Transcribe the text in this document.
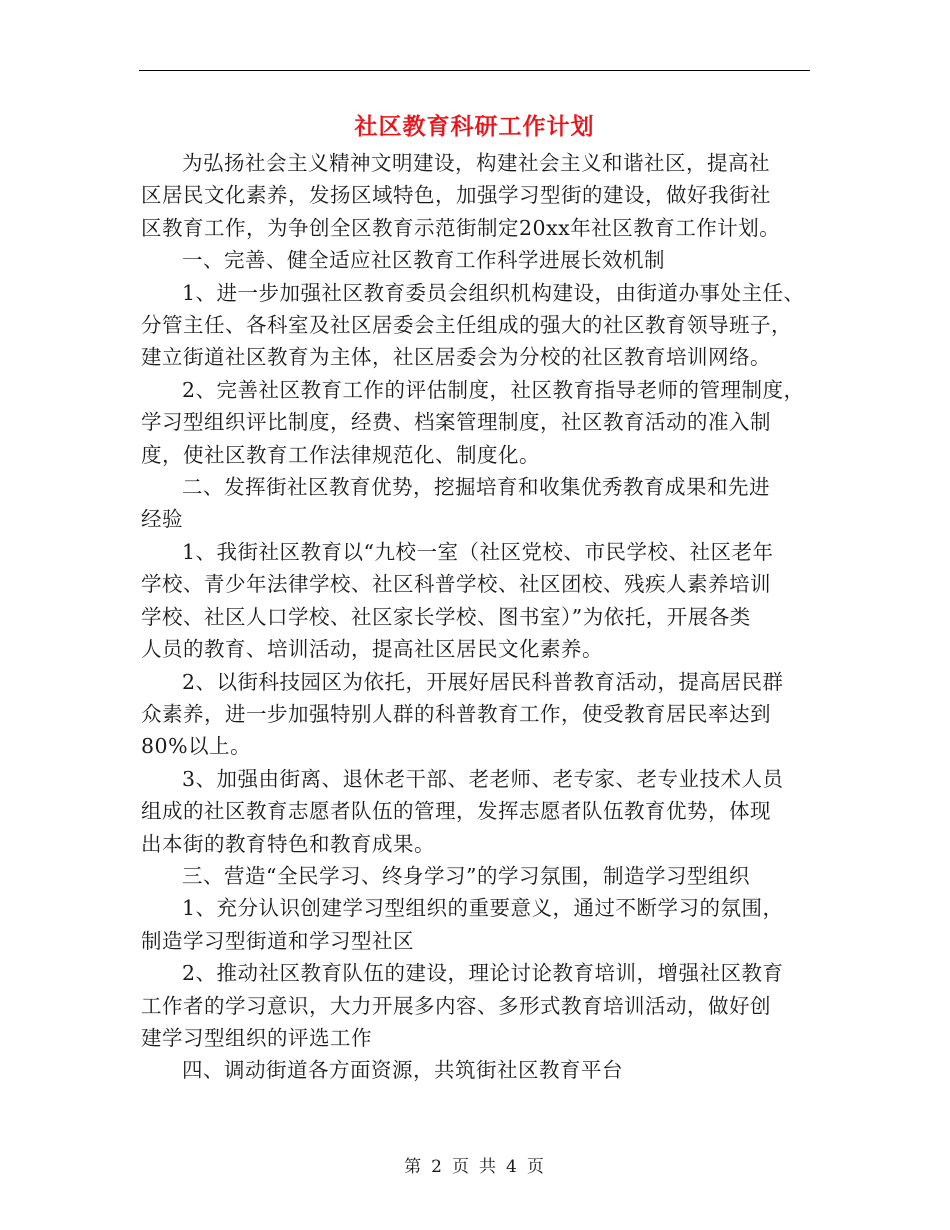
社区教育科研工作计划
为弘扬社会主义精神文明建设，构建社会主义和谐社区，提高社
区居民文化素养，发扬区域特色，加强学习型街的建设，做好我街社
区教育工作，为争创全区教育示范街制定20xx年社区教育工作计划。
一、完善、健全适应社区教育工作科学进展长效机制
1、进一步加强社区教育委员会组织机构建设，由街道办事处主任、
分管主任、各科室及社区居委会主任组成的强大的社区教育领导班子，
建立街道社区教育为主体，社区居委会为分校的社区教育培训网络。
2、完善社区教育工作的评估制度，社区教育指导老师的管理制度，
学习型组织评比制度，经费、档案管理制度，社区教育活动的准入制
度，使社区教育工作法律规范化、制度化。
二、发挥街社区教育优势，挖掘培育和收集优秀教育成果和先进
经验
1、我街社区教育以“九校一室（社区党校、市民学校、社区老年
学校、青少年法律学校、社区科普学校、社区团校、残疾人素养培训
学校、社区人口学校、社区家长学校、图书室）”为依托，开展各类
人员的教育、培训活动，提高社区居民文化素养。
2、以街科技园区为依托，开展好居民科普教育活动，提高居民群
众素养，进一步加强特别人群的科普教育工作，使受教育居民率达到
80%以上。
3、加强由街离、退休老干部、老老师、老专家、老专业技术人员
组成的社区教育志愿者队伍的管理，发挥志愿者队伍教育优势，体现
出本街的教育特色和教育成果。
三、营造“全民学习、终身学习”的学习氛围，制造学习型组织
1、充分认识创建学习型组织的重要意义，通过不断学习的氛围，
制造学习型街道和学习型社区
2、推动社区教育队伍的建设，理论讨论教育培训，增强社区教育
工作者的学习意识，大力开展多内容、多形式教育培训活动，做好创
建学习型组织的评选工作
四、调动街道各方面资源，共筑街社区教育平台
第 2 页 共 4 页
